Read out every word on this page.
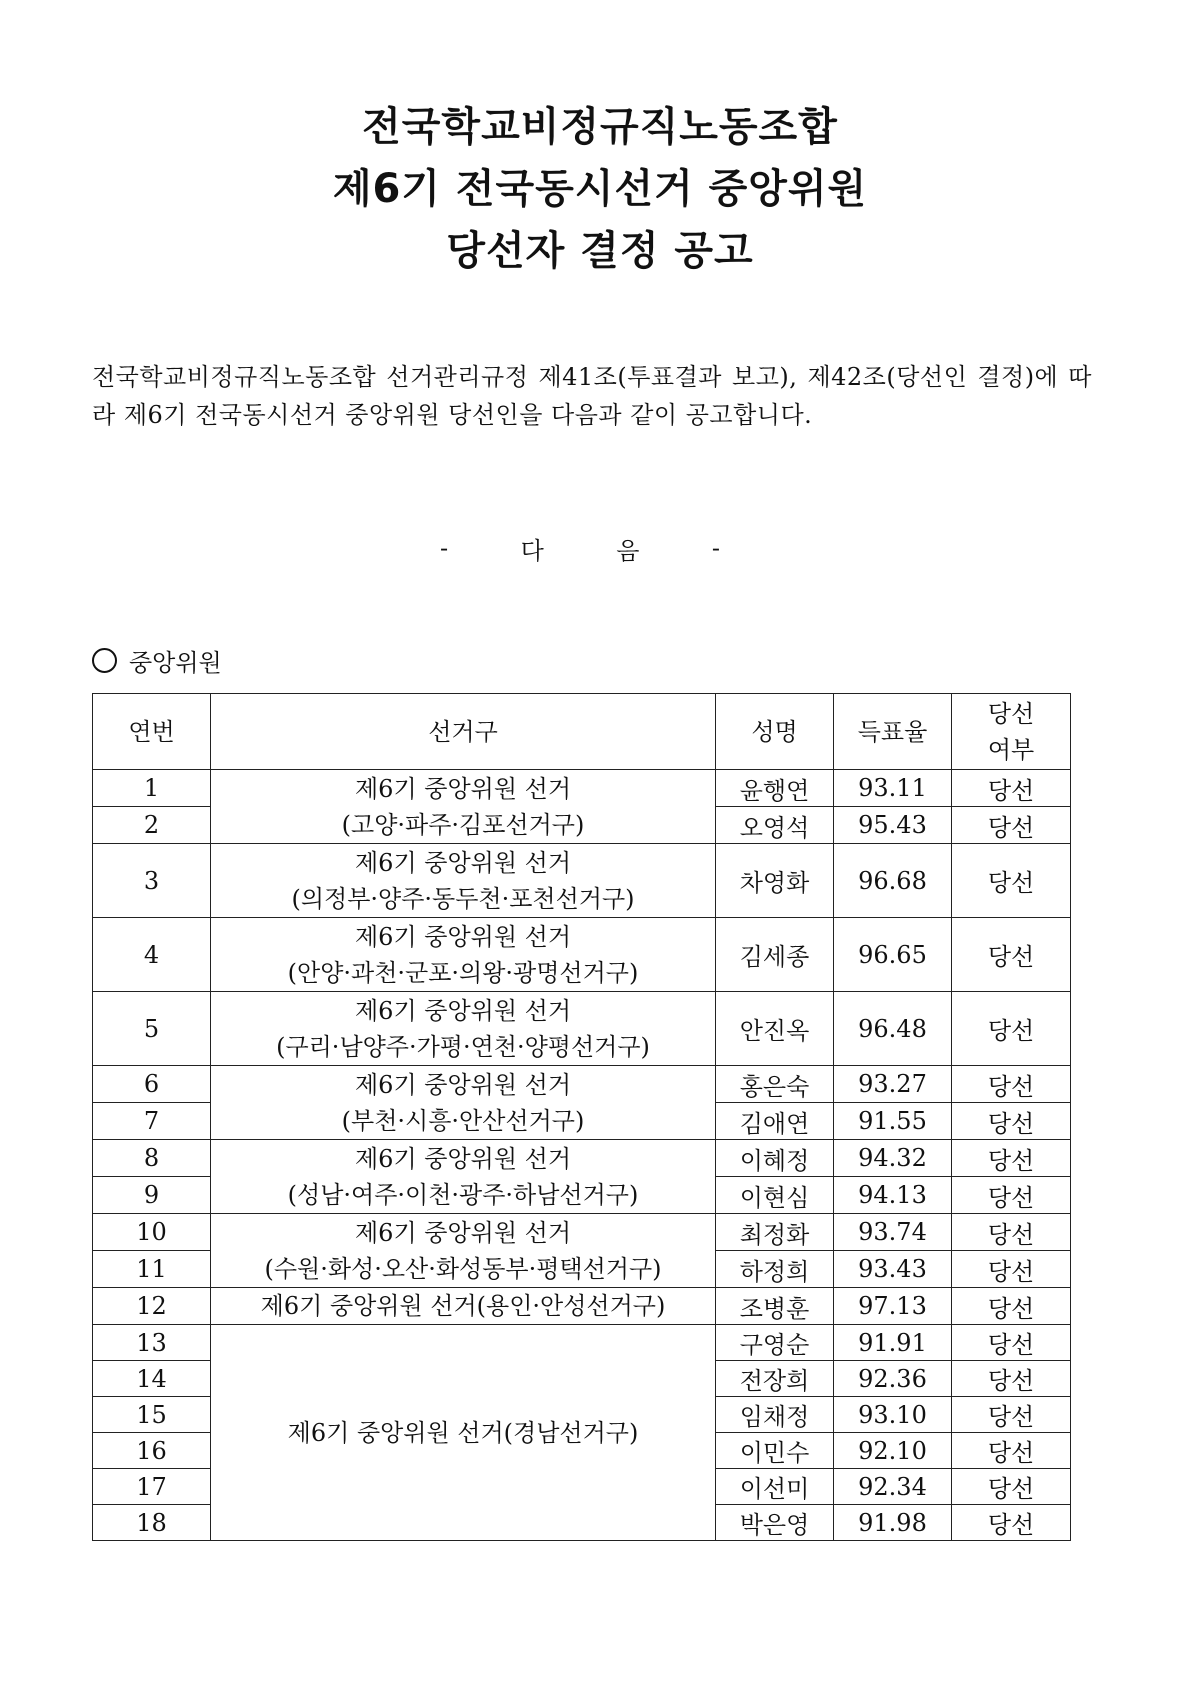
전국학교비정규직노동조합
제6기 전국동시선거 중앙위원
당선자 결정 공고

전국학교비정규직노동조합 선거관리규정 제41조(투표결과 보고), 제42조(당선인 결정)에 따라 제6기 전국동시선거 중앙위원 당선인을 다음과 같이 공고합니다.

-	다	음	-
중앙위원
연번	선거구	성명	득표율	당선
여부

1	제6기 중앙위원 선거
(고양·파주·김포선거구)	윤행연	93.11	당선
2		오영석	95.43	당선
3	제6기 중앙위원 선거
(의정부·양주·동두천·포천선거구)	차영화	96.68	당선
4	제6기 중앙위원 선거
(안양·과천·군포·의왕·광명선거구)	김세종	96.65	당선
5	제6기 중앙위원 선거
(구리·남양주·가평·연천·양평선거구)	안진옥	96.48	당선
6	제6기 중앙위원 선거
(부천·시흥·안산선거구)	홍은숙	93.27	당선
7		김애연	91.55	당선
8	제6기 중앙위원 선거
(성남·여주·이천·광주·하남선거구)	이혜정	94.32	당선
9		이현심	94.13	당선
10	제6기 중앙위원 선거
(수원·화성·오산·화성동부·평택선거구)	최정화	93.74	당선
11		하정희	93.43	당선
12	제6기 중앙위원 선거(용인·안성선거구)	조병훈	97.13	당선
13	제6기 중앙위원 선거(경남선거구)	구영순	91.91	당선
14		전장희	92.36	당선
15		임채정	93.10	당선
16		이민수	92.10	당선
17		이선미	92.34	당선
18		박은영	91.98	당선
